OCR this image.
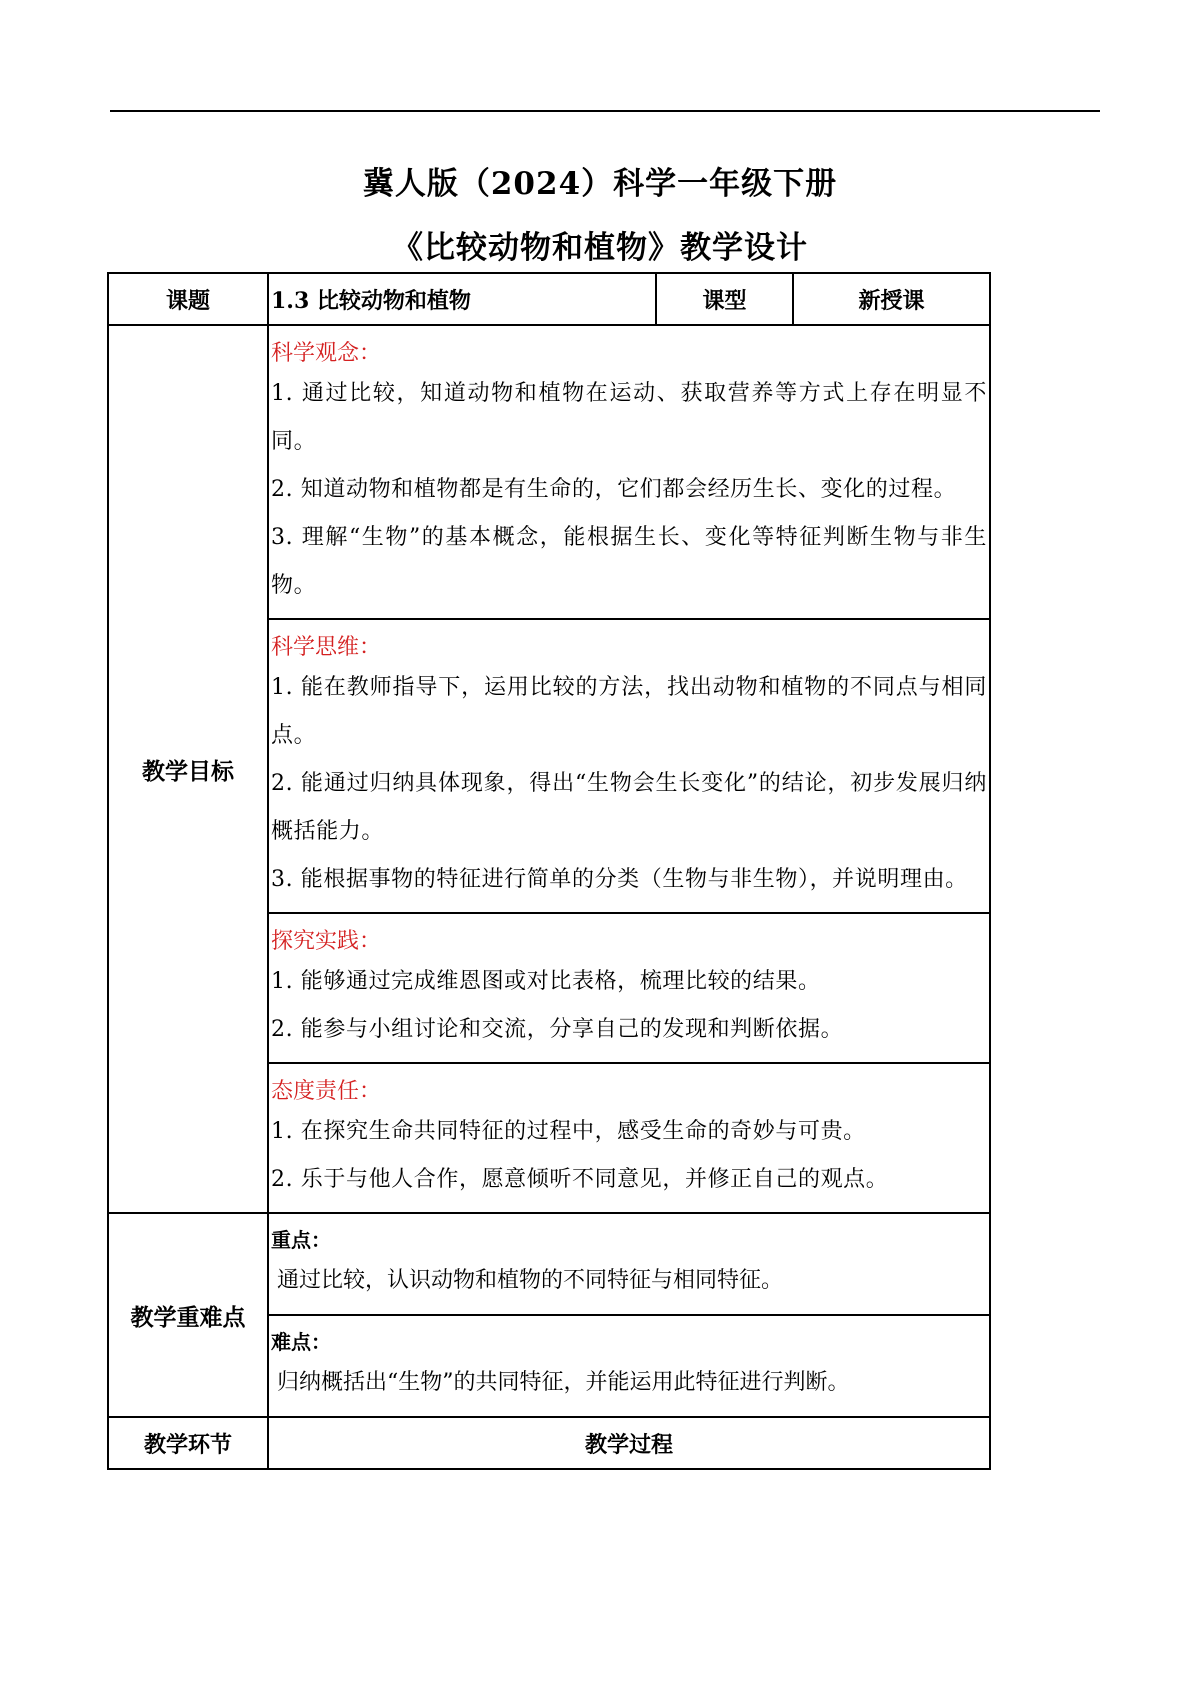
冀人版（2024）科学一年级下册
《比较动物和植物》教学设计
课题	1.3 比较动物和植物	课型	新授课
教学目标	科学观念：
1. 通过比较，知道动物和植物在运动、获取营养等方式上存在明显不同。
2. 知道动物和植物都是有生命的，它们都会经历生长、变化的过程。
3. 理解“生物”的基本概念，能根据生长、变化等特征判断生物与非生物。		

	科学思维：
1. 能在教师指导下，运用比较的方法，找出动物和植物的不同点与相同点。
2. 能通过归纳具体现象，得出“生物会生长变化”的结论，初步发展归纳概括能力。
3. 能根据事物的特征进行简单的分类（生物与非生物），并说明理由。		

	探究实践：
1. 能够通过完成维恩图或对比表格，梳理比较的结果。
2. 能参与小组讨论和交流，分享自己的发现和判断依据。		

	态度责任：
1. 在探究生命共同特征的过程中，感受生命的奇妙与可贵。
2. 乐于与他人合作，愿意倾听不同意见，并修正自己的观点。		

教学重难点	重点：
通过比较，认识动物和植物的不同特征与相同特征。		

	难点：
归纳概括出“生物”的共同特征，并能运用此特征进行判断。		

教学环节	教学过程		
